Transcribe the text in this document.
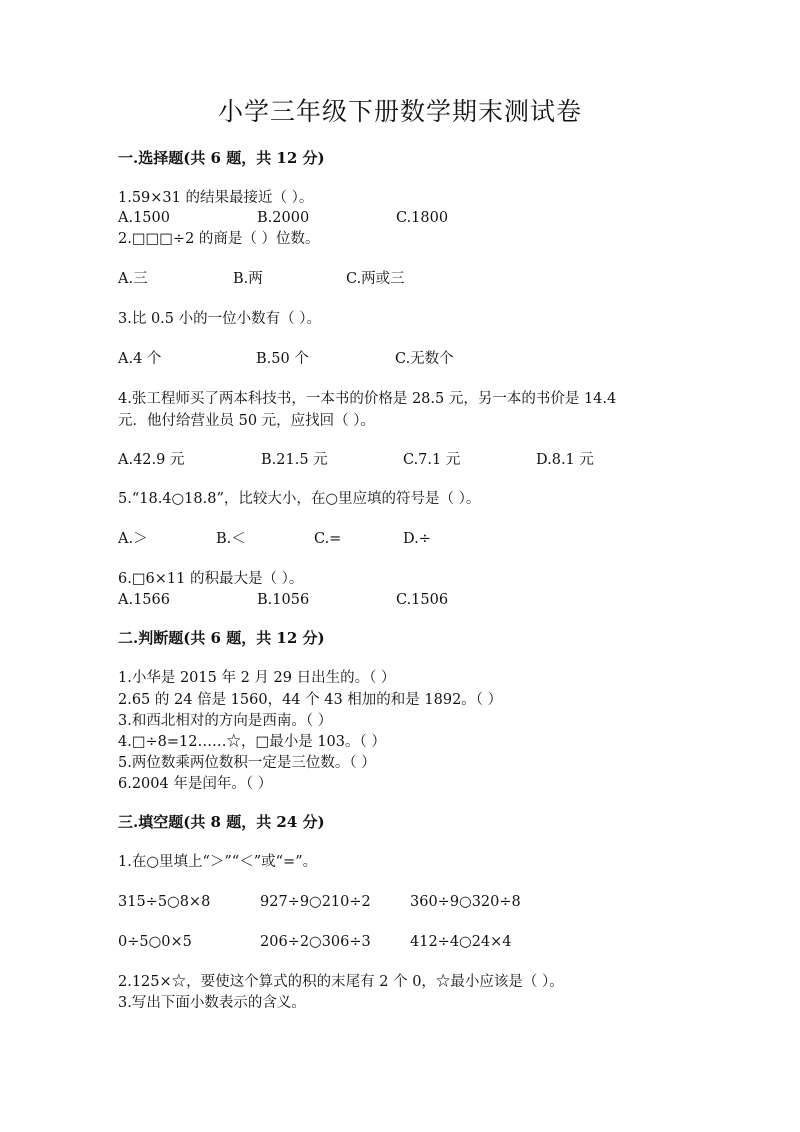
小学三年级下册数学期末测试卷
一.选择题(共 6 题，共 12 分)
1.59×31 的结果最接近（ ）。
A.1500	B.2000	C.1800
2.□□□÷2 的商是（ ）位数。
A.三	B.两	C.两或三
3.比 0.5 小的一位小数有（ ）。
A.4 个	B.50 个	C.无数个
4.张工程师买了两本科技书，一本书的价格是 28.5 元，另一本的书价是 14.4
元．他付给营业员 50 元，应找回（ ）。
A.42.9 元	B.21.5 元	C.7.1 元	D.8.1 元
5.“18.4○18.8”，比较大小，在○里应填的符号是（ ）。
A.＞	B.＜	C.=	D.÷
6.□6×11 的积最大是（ ）。
A.1566	B.1056	C.1506
二.判断题(共 6 题，共 12 分)
1.小华是 2015 年 2 月 29 日出生的。（ ）
2.65 的 24 倍是 1560，44 个 43 相加的和是 1892。（ ）
3.和西北相对的方向是西南。（ ）
4.□÷8=12……☆，□最小是 103。（ ）
5.两位数乘两位数积一定是三位数。（ ）
6.2004 年是闰年。（ ）
三.填空题(共 8 题，共 24 分)
1.在○里填上“＞”“＜”或“=”。
315÷5○8×8	927÷9○210÷2	360÷9○320÷8
0÷5○0×5	206÷2○306÷3	412÷4○24×4
2.125×☆，要使这个算式的积的末尾有 2 个 0，☆最小应该是（ ）。
3.写出下面小数表示的含义。
